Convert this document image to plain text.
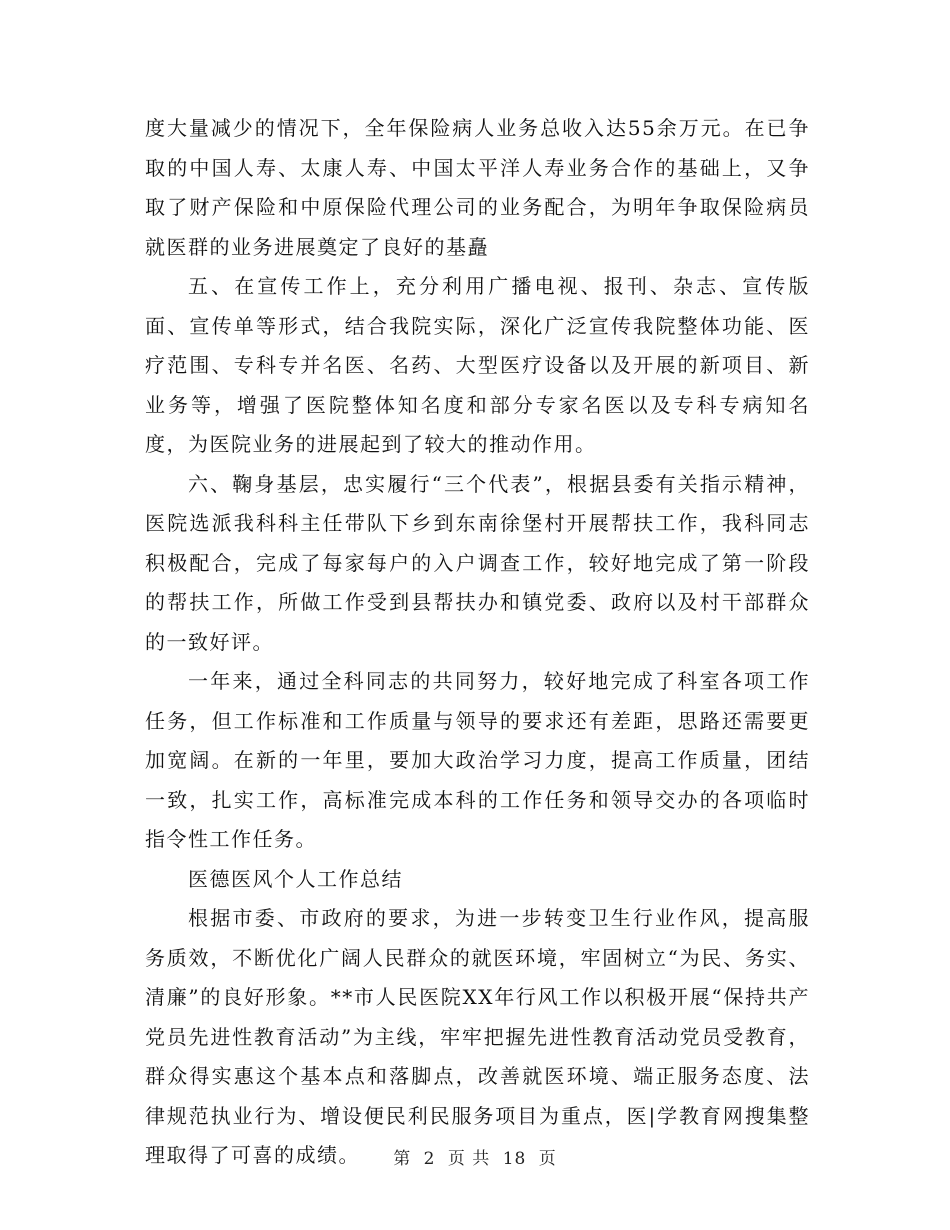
度大量减少的情况下，全年保险病人业务总收入达55余万元。在已争取的中国人寿、太康人寿、中国太平洋人寿业务合作的基础上，又争取了财产保险和中原保险代理公司的业务配合，为明年争取保险病员就医群的业务进展奠定了良好的基矗

五、在宣传工作上，充分利用广播电视、报刊、杂志、宣传版面、宣传单等形式，结合我院实际，深化广泛宣传我院整体功能、医疗范围、专科专并名医、名药、大型医疗设备以及开展的新项目、新业务等，增强了医院整体知名度和部分专家名医以及专科专病知名度，为医院业务的进展起到了较大的推动作用。

六、鞠身基层，忠实履行“三个代表”，根据县委有关指示精神，医院选派我科科主任带队下乡到东南徐堡村开展帮扶工作，我科同志积极配合，完成了每家每户的入户调查工作，较好地完成了第一阶段的帮扶工作，所做工作受到县帮扶办和镇党委、政府以及村干部群众的一致好评。

一年来，通过全科同志的共同努力，较好地完成了科室各项工作任务，但工作标准和工作质量与领导的要求还有差距，思路还需要更加宽阔。在新的一年里，要加大政治学习力度，提高工作质量，团结一致，扎实工作，高标准完成本科的工作任务和领导交办的各项临时指令性工作任务。

医德医风个人工作总结

根据市委、市政府的要求，为进一步转变卫生行业作风，提高服务质效，不断优化广阔人民群众的就医环境，牢固树立“为民、务实、清廉”的良好形象。**市人民医院XX年行风工作以积极开展“保持共产党员先进性教育活动”为主线，牢牢把握先进性教育活动党员受教育，群众得实惠这个基本点和落脚点，改善就医环境、端正服务态度、法律规范执业行为、增设便民利民服务项目为重点，医|学教育网搜集整理取得了可喜的成绩。	第 2 页 共 18 页
